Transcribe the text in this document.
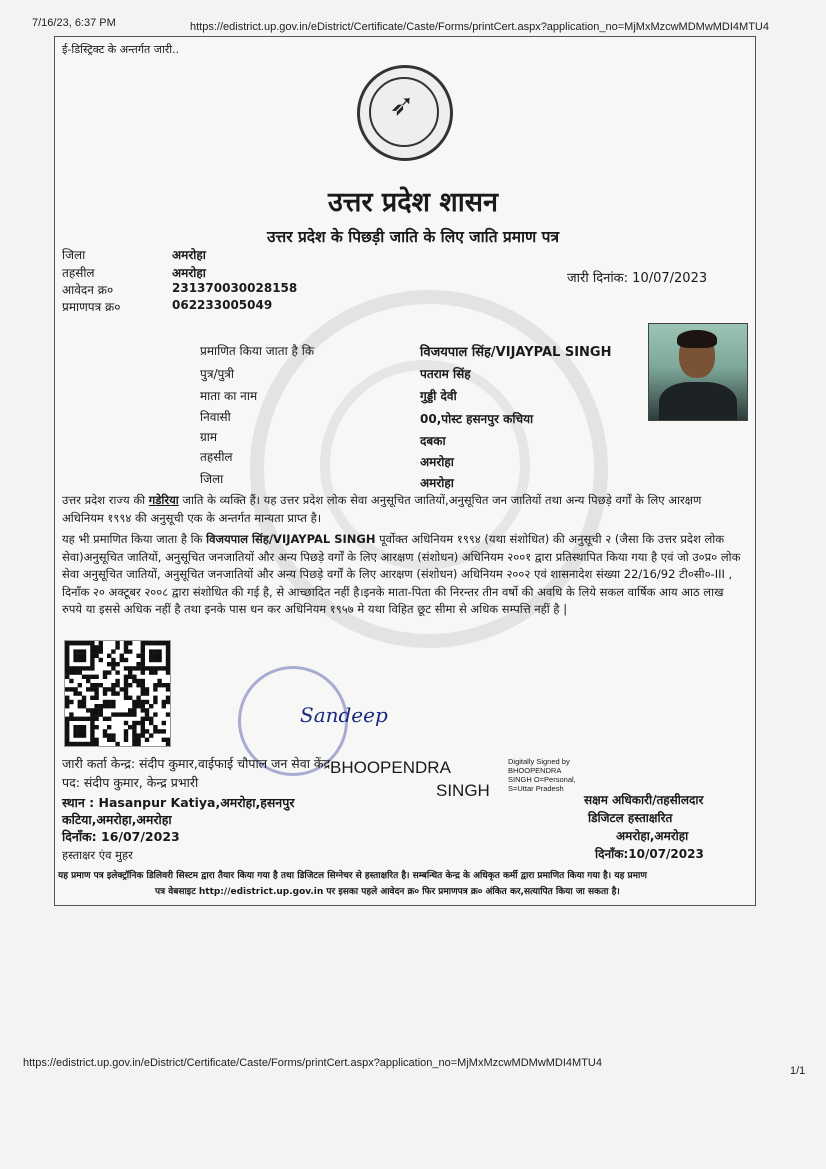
7/16/23, 6:37 PM	https://edistrict.up.gov.in/eDistrict/Certificate/Caste/Forms/printCert.aspx?application_no=MjMxMzcwMDMwMDI4MTU4
ई-डिस्ट्रिक्ट के अन्तर्गत जारी..
➶
उत्तर प्रदेश शासन
उत्तर प्रदेश के पिछड़ी जाति के लिए जाति प्रमाण पत्र
जिला	अमरोहा
तहसील	अमरोहा
आवेदन क्र०	231370030028158
प्रमाणपत्र क्र०	062233005049
जारी दिनांक: 10/07/2023
प्रमाणित किया जाता है कि	विजयपाल सिंह/VIJAYPAL SINGH
पुत्र/पुत्री	पतराम सिंह
माता का नाम	गुड्डी देवी
निवासी	00,पोस्ट हसनपुर कचिया
ग्राम	दबका
तहसील	अमरोहा
जिला	अमरोहा
उत्तर प्रदेश राज्य की गडेरिया जाति के व्यक्ति हैं। यह उत्तर प्रदेश लोक सेवा अनुसूचित जातियों,अनुसूचित जन जातियों तथा अन्य पिछड़े वर्गों के लिए आरक्षण अधिनियम १९९४ की अनुसूची एक के अन्तर्गत मान्यता प्राप्त है।
यह भी प्रमाणित किया जाता है कि विजयपाल सिंह/VIJAYPAL SINGH पूर्वोक्त अधिनियम १९९४ (यथा संशोधित) की अनुसूची २ (जैसा कि उत्तर प्रदेश लोक सेवा)अनुसूचित जातियों, अनुसूचित जनजातियों और अन्य पिछड़े वर्गों के लिए आरक्षण (संशोधन) अधिनियम २००१ द्वारा प्रतिस्थापित किया गया है एवं जो उ०प्र० लोक सेवा अनुसूचित जातियों, अनुसूचित जनजातियों और अन्य पिछड़े वर्गों के लिए आरक्षण (संशोधन) अधिनियम २००२ एवं शासनादेश संख्या 22/16/92 टी०सी०-III , दिनाँक २० अक्टूबर २००८ द्वारा संशोधित की गई है, से आच्छादित नहीं है।इनके माता-पिता की निरन्तर तीन वर्षो की अवधि के लिये सकल वार्षिक आय आठ लाख रुपये या इससे अधिक नहीं है तथा इनके पास धन कर अधिनियम १९५७ मे यथा विहित छूट सीमा से अधिक सम्पत्ति नहीं है |
Sandeep
जारी कर्ता केन्द्र: संदीप कुमार,वाईफाई चौपाल जन सेवा केंद्र
पद: संदीप कुमार, केन्द्र प्रभारी
स्थान : Hasanpur Katiya,अमरोहा,हसनपुर
कटिया,अमरोहा,अमरोहा
दिनाँक: 16/07/2023
हस्ताक्षर एंव मुहर
BHOOPENDRA
SINGH
Digitally Signed by BHOOPENDRA SINGH O=Personal, S=Uttar Pradesh
सक्षम अधिकारी/तहसीलदार
डिजिटल हस्ताक्षरित
अमरोहा,अमरोहा
दिनाँक:10/07/2023
यह प्रमाण पत्र इलेक्ट्रॉनिक डिलिवरी सिस्टम द्वारा तैयार किया गया है तथा डिजिटल सिग्नेचर से हस्ताक्षरित है। सम्बन्धित केन्द्र के अधिकृत कर्मी द्वारा प्रमाणित किया गया है। यह प्रमाण
पत्र वेबसाइट http://edistrict.up.gov.in पर इसका पहले आवेदन क्र० फिर प्रमाणपत्र क्र० अंकित कर,सत्यापित किया जा सकता है।
https://edistrict.up.gov.in/eDistrict/Certificate/Caste/Forms/printCert.aspx?application_no=MjMxMzcwMDMwMDI4MTU4
1/1
